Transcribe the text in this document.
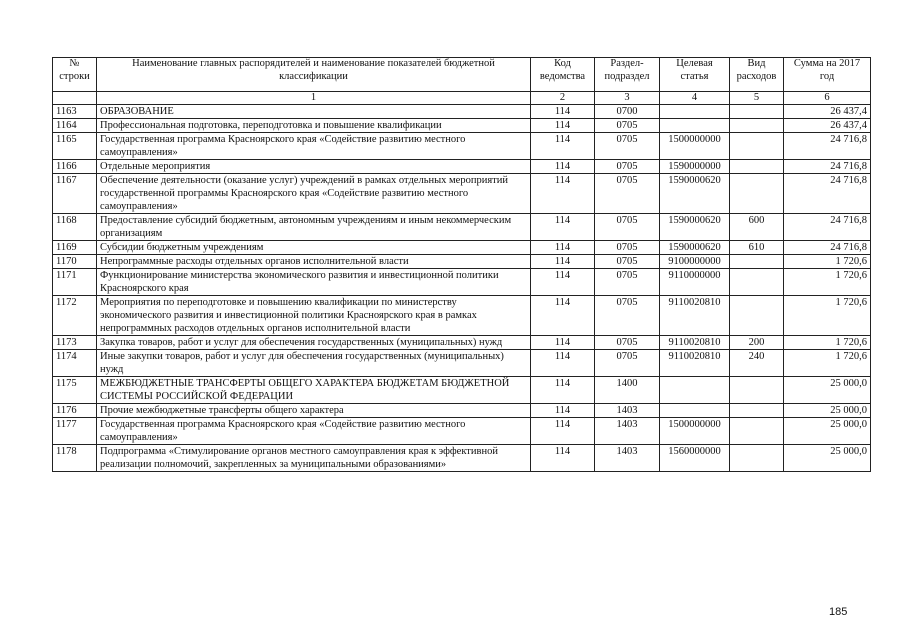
№ строки	Наименование главных распорядителей и наименование показателей бюджетной классификации	Код ведомства	Раздел-подраздел	Целевая статья	Вид расходов	Сумма на 2017 год
	1	2	3	4	5	6
1163	ОБРАЗОВАНИЕ	114	0700			26 437,4
1164	Профессиональная подготовка, переподготовка и повышение квалификации	114	0705			26 437,4
1165	Государственная программа Красноярского края «Содействие развитию местного самоуправления»	114	0705	1500000000		24 716,8
1166	Отдельные мероприятия	114	0705	1590000000		24 716,8
1167	Обеспечение деятельности (оказание услуг) учреждений в рамках отдельных мероприятий государственной программы Красноярского края «Содействие развитию местного самоуправления»	114	0705	1590000620		24 716,8
1168	Предоставление субсидий бюджетным, автономным учреждениям и иным некоммерческим организациям	114	0705	1590000620	600	24 716,8
1169	Субсидии бюджетным учреждениям	114	0705	1590000620	610	24 716,8
1170	Непрограммные расходы отдельных органов исполнительной власти	114	0705	9100000000		1 720,6
1171	Функционирование министерства экономического развития и инвестиционной политики Красноярского края	114	0705	9110000000		1 720,6
1172	Мероприятия по переподготовке и повышению квалификации по министерству экономического развития и инвестиционной политики Красноярского края в рамках непрограммных расходов отдельных органов исполнительной власти	114	0705	9110020810		1 720,6
1173	Закупка товаров, работ и услуг для обеспечения государственных (муниципальных) нужд	114	0705	9110020810	200	1 720,6
1174	Иные закупки товаров, работ и услуг для обеспечения государственных (муниципальных) нужд	114	0705	9110020810	240	1 720,6
1175	МЕЖБЮДЖЕТНЫЕ ТРАНСФЕРТЫ ОБЩЕГО ХАРАКТЕРА БЮДЖЕТАМ БЮДЖЕТНОЙ СИСТЕМЫ РОССИЙСКОЙ ФЕДЕРАЦИИ	114	1400			25 000,0
1176	Прочие межбюджетные трансферты общего характера	114	1403			25 000,0
1177	Государственная программа Красноярского края «Содействие развитию местного самоуправления»	114	1403	1500000000		25 000,0
1178	Подпрограмма «Стимулирование органов местного самоуправления края к эффективной реализации полномочий, закрепленных за муниципальными образованиями»	114	1403	1560000000		25 000,0
185
